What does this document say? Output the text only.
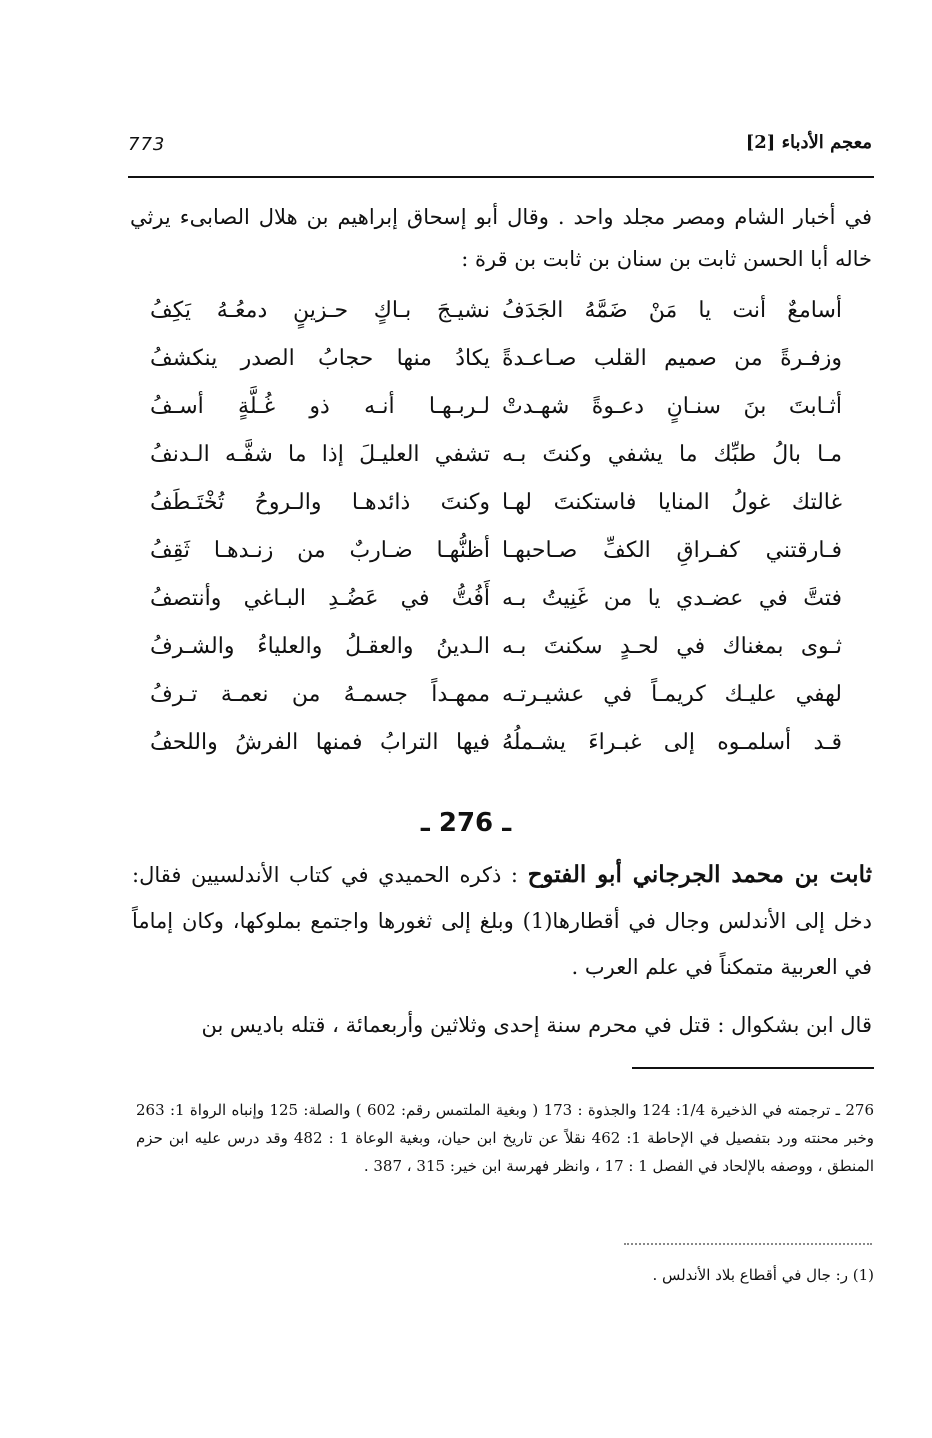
773	معجم الأدباء [2]

في أخبار الشام ومصر مجلد واحد . وقال أبو إسحاق إبراهيم بن هلال الصابىء يرثي خاله أبا الحسن ثابت بن سنان بن ثابت بن قرة :

أسامعٌ أنت يا مَنْ ضَمَّهُ الجَدَفُ
نشيـجَ بـاكٍ حـزينٍ دمعُـهُ يَكِفُ
وزفـرةً من صميم القلب صـاعـدةً
يكادُ منها حجابُ الصدر ينكشفُ
أثـابتَ بنَ سنـانٍ دعـوةً شهـدتْ
لـربـهـا أنـه ذو غُـلَّةٍ أسـفُ
مـا بالُ طبِّك ما يشفي وكنتَ بـه
تشفي العليـلَ إذا ما شفَّـه الـدنفُ
غالتك غولُ المنايا فاستكنتَ لهـا
وكنتَ ذائدهـا والـروحُ تُخْتَـطَفُ
فـارقتني كفـراقِ الكفِّ صـاحبهـا
أظنُّهـا ضـاربٌ من زنـدهـا ثَقِفُ
فتتَّ في عضـدي يا من غَنِيتُ بـه
أَفُتُّ في عَضُـدِ البـاغي وأنتصفُ
ثـوى بمغناك في لحـدٍ سكنتَ بـه
الـدينُ والعقـلُ والعلياءُ والشـرفُ
لهفي عليـك كريمـاً في عشيـرتـه
ممهـداً جسمـهُ من نعمـة تـرفُ
قـد أسلمـوه إلى غبـراءَ يشـملُهُ
فيها الترابُ فمنها الفرشُ واللحفُ
ـ 276 ـ

ثابت بن محمد الجرجاني أبو الفتوح : ذكره الحميدي في كتاب الأندلسيين فقال: دخل إلى الأندلس وجال في أقطارها(1) وبلغ إلى ثغورها واجتمع بملوكها، وكان إماماً في العربية متمكناً في علم العرب .

قال ابن بشكوال : قتل في محرم سنة إحدى وثلاثين وأربعمائة ، قتله باديس بن

276 ـ ترجمته في الذخيرة 1/4: 124 والجذوة : 173 ( وبغية الملتمس رقم: 602 ) والصلة: 125 وإنباه الرواة 1: 263 وخبر محنته ورد بتفصيل في الإحاطة 1: 462 نقلاً عن تاريخ ابن حيان، وبغية الوعاة 1 : 482 وقد درس عليه ابن حزم المنطق ، ووصفه بالإلحاد في الفصل 1 : 17 ، وانظر فهرسة ابن خير: 315 ، 387 .

(1) ر: جال في أقطاع بلاد الأندلس .
